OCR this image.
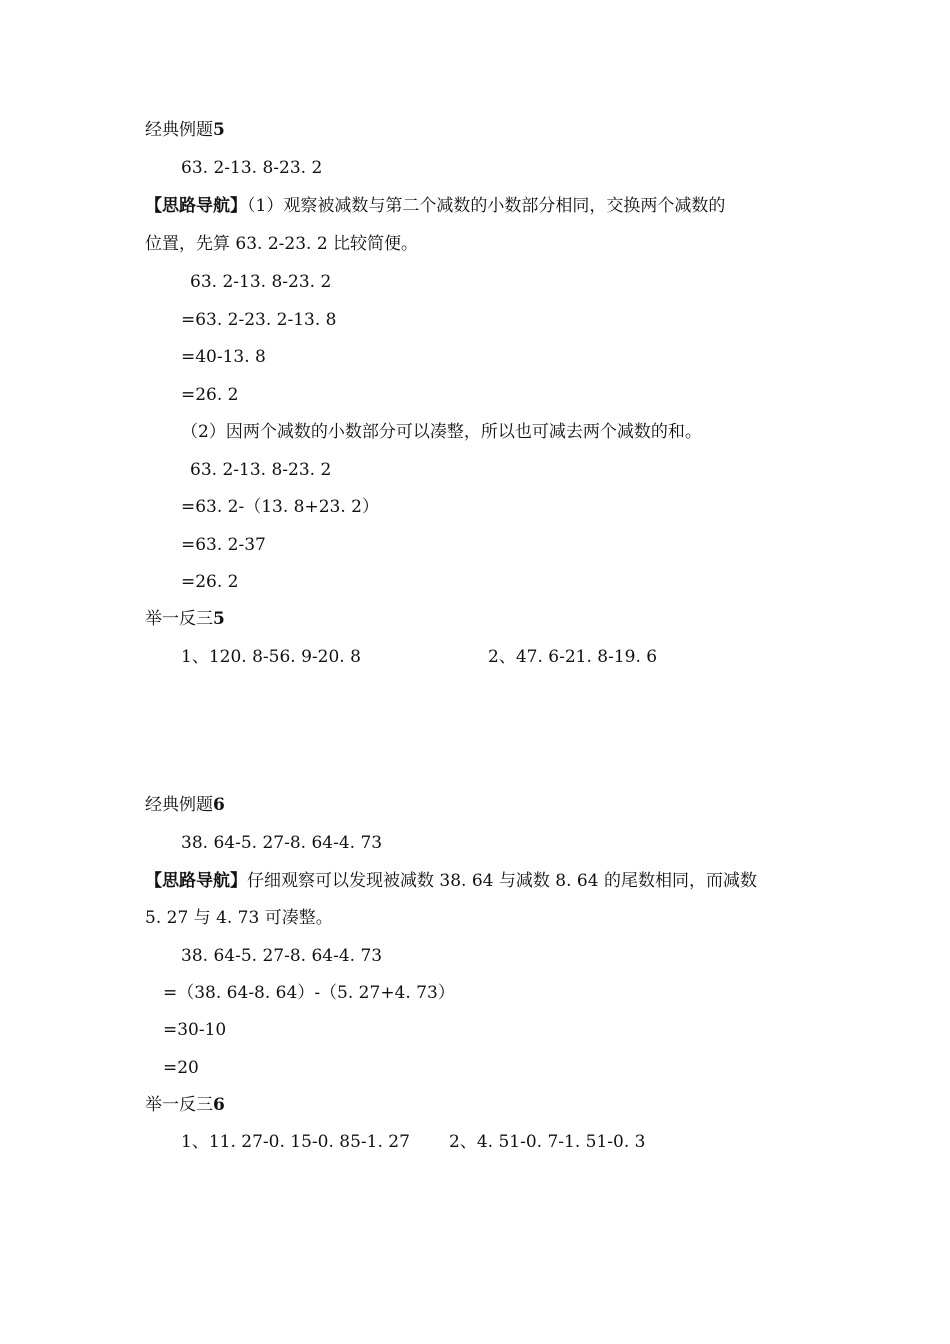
经典例题5
63. 2-13. 8-23. 2
【思路导航】（1）观察被减数与第二个减数的小数部分相同，交换两个减数的
位置，先算 63. 2-23. 2 比较简便。
63. 2-13. 8-23. 2
=63. 2-23. 2-13. 8
=40-13. 8
=26. 2
（2）因两个减数的小数部分可以凑整，所以也可减去两个减数的和。
63. 2-13. 8-23. 2
=63. 2-（13. 8+23. 2）
=63. 2-37
=26. 2
举一反三5
1、120. 8-56. 9-20. 8	2、47. 6-21. 8-19. 6
经典例题6
38. 64-5. 27-8. 64-4. 73
【思路导航】仔细观察可以发现被减数 38. 64 与减数 8. 64 的尾数相同，而减数
5. 27 与 4. 73 可凑整。
38. 64-5. 27-8. 64-4. 73
=（38. 64-8. 64）-（5. 27+4. 73）
=30-10
=20
举一反三6
1、11. 27-0. 15-0. 85-1. 27 2、4. 51-0. 7-1. 51-0. 3
